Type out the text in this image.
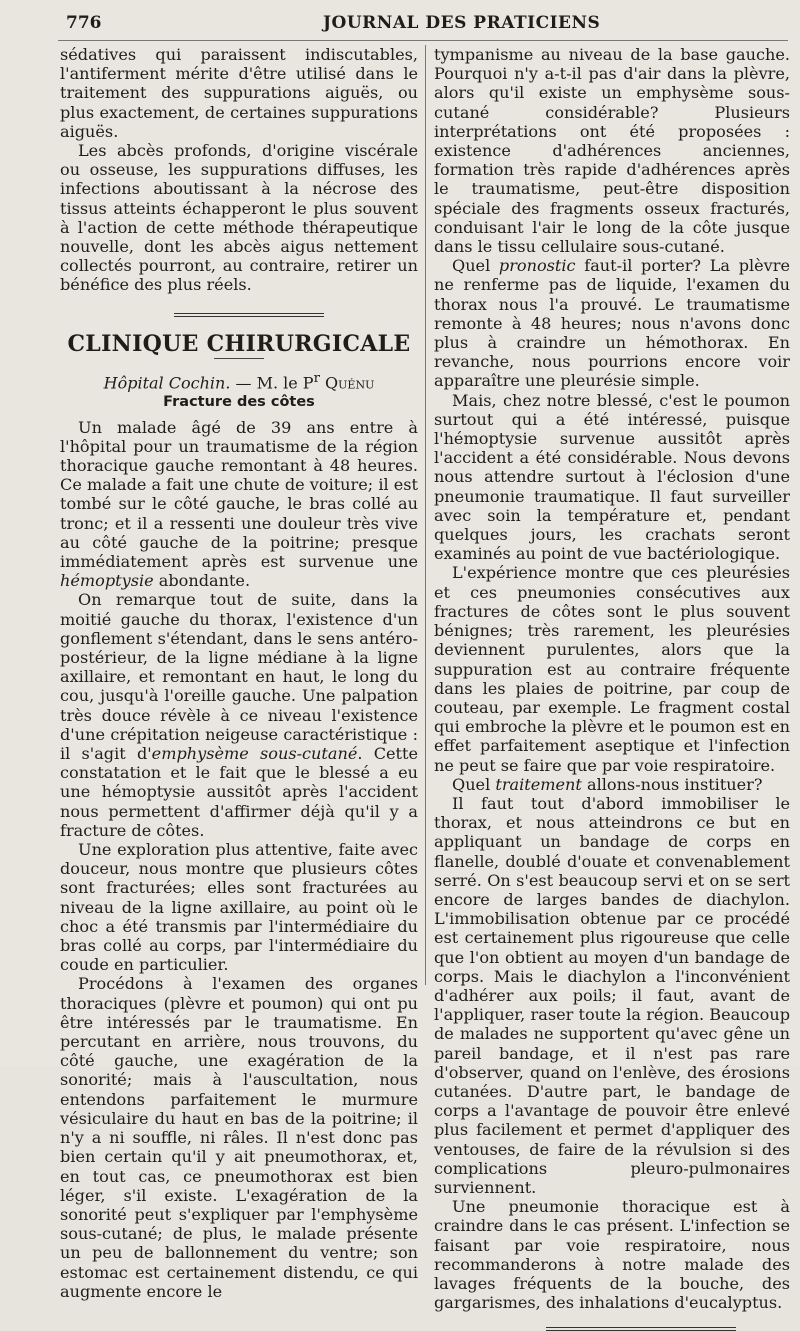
776	JOURNAL DES PRATICIENS

sédatives qui paraissent indiscutables, l'antiferment mérite d'être utilisé dans le traitement des suppurations aiguës, ou plus exactement, de certaines suppurations aiguës.

Les abcès profonds, d'origine viscérale ou osseuse, les suppurations diffuses, les infections aboutissant à la nécrose des tissus atteints échapperont le plus souvent à l'action de cette méthode thérapeutique nouvelle, dont les abcès aigus nettement collectés pourront, au contraire, retirer un bénéfice des plus réels.

CLINIQUE CHIRURGICALE
Hôpital Cochin. — M. le $P^r$ Quénu
Fracture des côtes

Un malade âgé de 39 ans entre à l'hôpital pour un traumatisme de la région thoracique gauche remontant à 48 heures. Ce malade a fait une chute de voiture; il est tombé sur le côté gauche, le bras collé au tronc; et il a ressenti une douleur très vive au côté gauche de la poitrine; presque immédiatement après est survenue une hémoptysie abondante.

On remarque tout de suite, dans la moitié gauche du thorax, l'existence d'un gonflement s'étendant, dans le sens antéro-postérieur, de la ligne médiane à la ligne axillaire, et remontant en haut, le long du cou, jusqu'à l'oreille gauche. Une palpation très douce révèle à ce niveau l'existence d'une crépitation neigeuse caractéristique : il s'agit d'emphysème sous-cutané. Cette constatation et le fait que le blessé a eu une hémoptysie aussitôt après l'accident nous permettent d'affirmer déjà qu'il y a fracture de côtes.

Une exploration plus attentive, faite avec douceur, nous montre que plusieurs côtes sont fracturées; elles sont fracturées au niveau de la ligne axillaire, au point où le choc a été transmis par l'intermédiaire du bras collé au corps, par l'intermédiaire du coude en particulier.

Procédons à l'examen des organes thoraciques (plèvre et poumon) qui ont pu être intéressés par le traumatisme. En percutant en arrière, nous trouvons, du côté gauche, une exagération de la sonorité; mais à l'auscultation, nous entendons parfaitement le murmure vésiculaire du haut en bas de la poitrine; il n'y a ni souffle, ni râles. Il n'est donc pas bien certain qu'il y ait pneumothorax, et, en tout cas, ce pneumothorax est bien léger, s'il existe. L'exagération de la sonorité peut s'expliquer par l'emphysème sous-cutané; de plus, le malade présente un peu de ballonnement du ventre; son estomac est certainement distendu, ce qui augmente encore le

tympanisme au niveau de la base gauche. Pourquoi n'y a-t-il pas d'air dans la plèvre, alors qu'il existe un emphysème sous-cutané considérable? Plusieurs interprétations ont été proposées : existence d'adhérences anciennes, formation très rapide d'adhérences après le traumatisme, peut-être disposition spéciale des fragments osseux fracturés, conduisant l'air le long de la côte jusque dans le tissu cellulaire sous-cutané.

Quel pronostic faut-il porter? La plèvre ne renferme pas de liquide, l'examen du thorax nous l'a prouvé. Le traumatisme remonte à 48 heures; nous n'avons donc plus à craindre un hémothorax. En revanche, nous pourrions encore voir apparaître une pleurésie simple.

Mais, chez notre blessé, c'est le poumon surtout qui a été intéressé, puisque l'hémoptysie survenue aussitôt après l'accident a été considérable. Nous devons nous attendre surtout à l'éclosion d'une pneumonie traumatique. Il faut surveiller avec soin la température et, pendant quelques jours, les crachats seront examinés au point de vue bactériologique.

L'expérience montre que ces pleurésies et ces pneumonies consécutives aux fractures de côtes sont le plus souvent bénignes; très rarement, les pleurésies deviennent purulentes, alors que la suppuration est au contraire fréquente dans les plaies de poitrine, par coup de couteau, par exemple. Le fragment costal qui embroche la plèvre et le poumon est en effet parfaitement aseptique et l'infection ne peut se faire que par voie respiratoire.

Quel traitement allons-nous instituer?

Il faut tout d'abord immobiliser le thorax, et nous atteindrons ce but en appliquant un bandage de corps en flanelle, doublé d'ouate et convenablement serré. On s'est beaucoup servi et on se sert encore de larges bandes de diachylon. L'immobilisation obtenue par ce procédé est certainement plus rigoureuse que celle que l'on obtient au moyen d'un bandage de corps. Mais le diachylon a l'inconvénient d'adhérer aux poils; il faut, avant de l'appliquer, raser toute la région. Beaucoup de malades ne supportent qu'avec gêne un pareil bandage, et il n'est pas rare d'observer, quand on l'enlève, des érosions cutanées. D'autre part, le bandage de corps a l'avantage de pouvoir être enlevé plus facilement et permet d'appliquer des ventouses, de faire de la révulsion si des complications pleuro-pulmonaires surviennent.

Une pneumonie thoracique est à craindre dans le cas présent. L'infection se faisant par voie respiratoire, nous recommanderons à notre malade des lavages fréquents de la bouche, des gargarismes, des inhalations d'eucalyptus.
